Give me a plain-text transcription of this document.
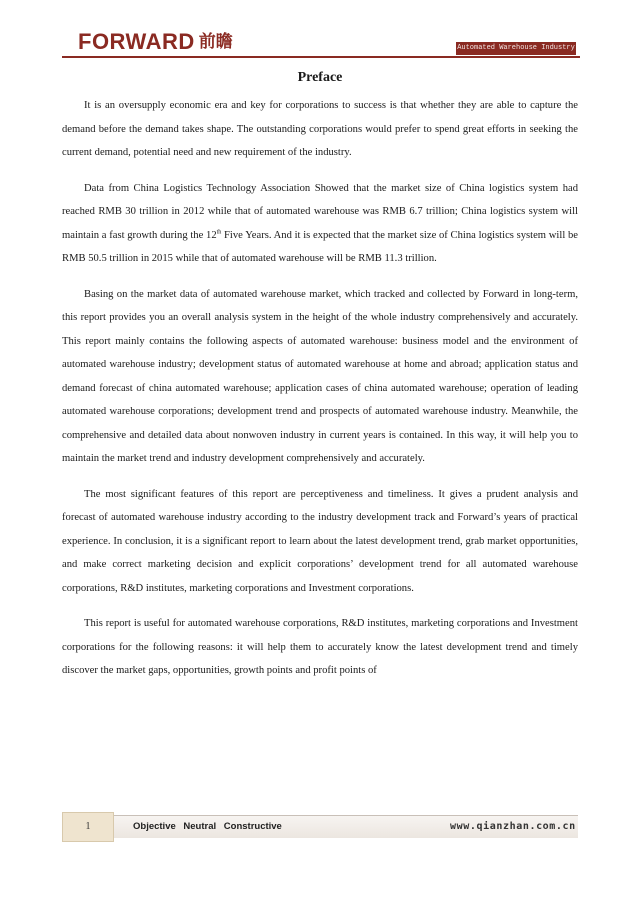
FORWARD 前瞻	Automated Warehouse Industry
Preface

It is an oversupply economic era and key for corporations to success is that whether they are able to capture the demand before the demand takes shape. The outstanding corporations would prefer to spend great efforts in seeking the current demand, potential need and new requirement of the industry.

Data from China Logistics Technology Association Showed that the market size of China logistics system had reached RMB 30 trillion in 2012 while that of automated warehouse was RMB 6.7 trillion; China logistics system will maintain a fast growth during the 12th Five Years. And it is expected that the market size of China logistics system will be RMB 50.5 trillion in 2015 while that of automated warehouse will be RMB 11.3 trillion.

Basing on the market data of automated warehouse market, which tracked and collected by Forward in long-term, this report provides you an overall analysis system in the height of the whole industry comprehensively and accurately. This report mainly contains the following aspects of automated warehouse: business model and the environment of automated warehouse industry; development status of automated warehouse at home and abroad; application status and demand forecast of china automated warehouse; application cases of china automated warehouse; operation of leading automated warehouse corporations; development trend and prospects of automated warehouse industry. Meanwhile, the comprehensive and detailed data about nonwoven industry in current years is contained. In this way, it will help you to maintain the market trend and industry development comprehensively and accurately.

The most significant features of this report are perceptiveness and timeliness. It gives a prudent analysis and forecast of automated warehouse industry according to the industry development track and Forward’s years of practical experience. In conclusion, it is a significant report to learn about the latest development trend, grab market opportunities, and make correct marketing decision and explicit corporations’ development trend for all automated warehouse corporations, R&D institutes, marketing corporations and Investment corporations.

This report is useful for automated warehouse corporations, R&D institutes, marketing corporations and Investment corporations for the following reasons: it will help them to accurately know the latest development trend and timely discover the market gaps, opportunities, growth points and profit points of

1	Objective Neutral Constructive	www.qianzhan.com.cn
